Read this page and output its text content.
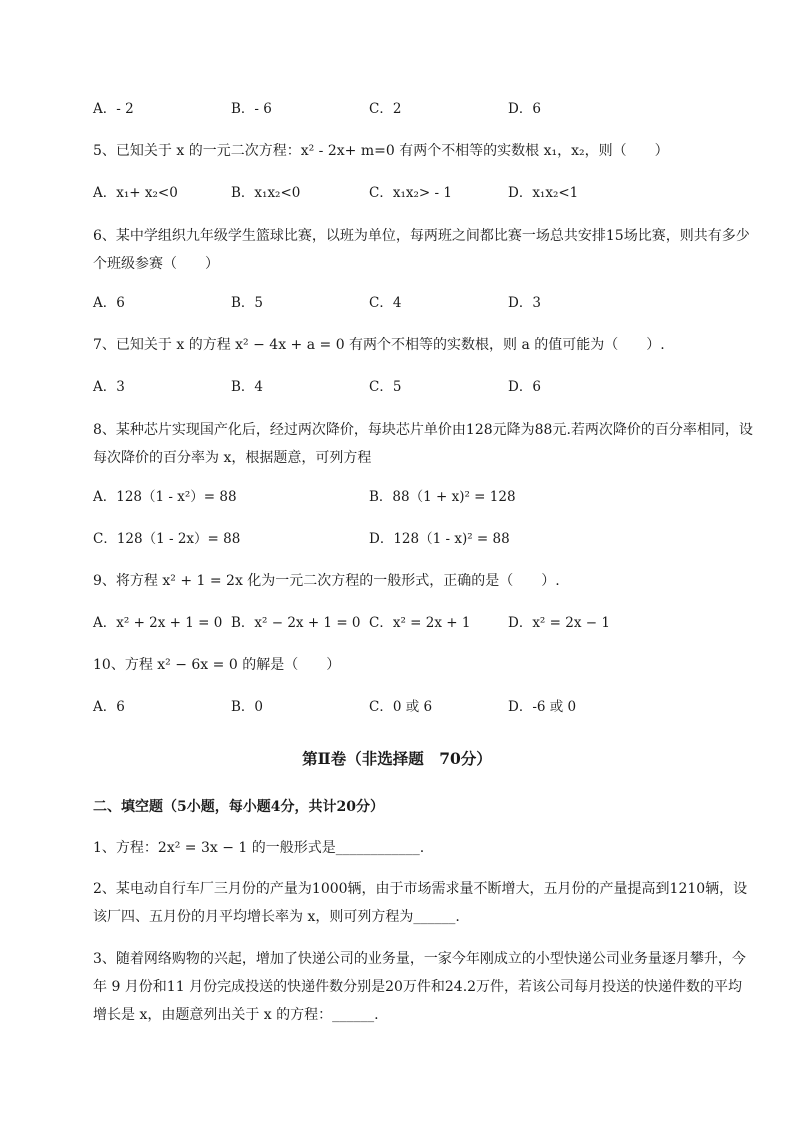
A．- 2	B．- 6	C．2	D．6
5、已知关于 x 的一元二次方程：x² - 2x+ m=0 有两个不相等的实数根 x₁，x₂，则（　　）
A．x₁+ x₂<0	B．x₁x₂<0	C．x₁x₂> - 1	D．x₁x₂<1
6、某中学组织九年级学生篮球比赛，以班为单位，每两班之间都比赛一场总共安排15场比赛，则共有多少个班级参赛（　　）
A．6	B．5	C．4	D．3
7、已知关于 x 的方程 x² − 4x + a = 0 有两个不相等的实数根，则 a 的值可能为（　　）.
A．3	B．4	C．5	D．6
8、某种芯片实现国产化后，经过两次降价，每块芯片单价由128元降为88元.若两次降价的百分率相同，设每次降价的百分率为 x，根据题意，可列方程
A．128（1 - x²）= 88	B．88（1 + x)² = 128
C．128（1 - 2x）= 88	D．128（1 - x)² = 88
9、将方程 x² + 1 = 2x 化为一元二次方程的一般形式，正确的是（　　）.
A．x² + 2x + 1 = 0 B．x² − 2x + 1 = 0 C．x² = 2x + 1	D．x² = 2x − 1
10、方程 x² − 6x = 0 的解是（　　）
A．6	B．0	C．0 或 6	D．-6 或 0
第Ⅱ卷（非选择题　70分）
二、填空题（5小题，每小题4分，共计20分）
1、方程：2x² = 3x − 1 的一般形式是____________.
2、某电动自行车厂三月份的产量为1000辆，由于市场需求量不断增大，五月份的产量提高到1210辆，设该厂四、五月份的月平均增长率为 x，则可列方程为______.
3、随着网络购物的兴起，增加了快递公司的业务量，一家今年刚成立的小型快递公司业务量逐月攀升，今年 9 月份和11 月份完成投送的快递件数分别是20万件和24.2万件，若该公司每月投送的快递件数的平均增长是 x，由题意列出关于 x 的方程：______.
